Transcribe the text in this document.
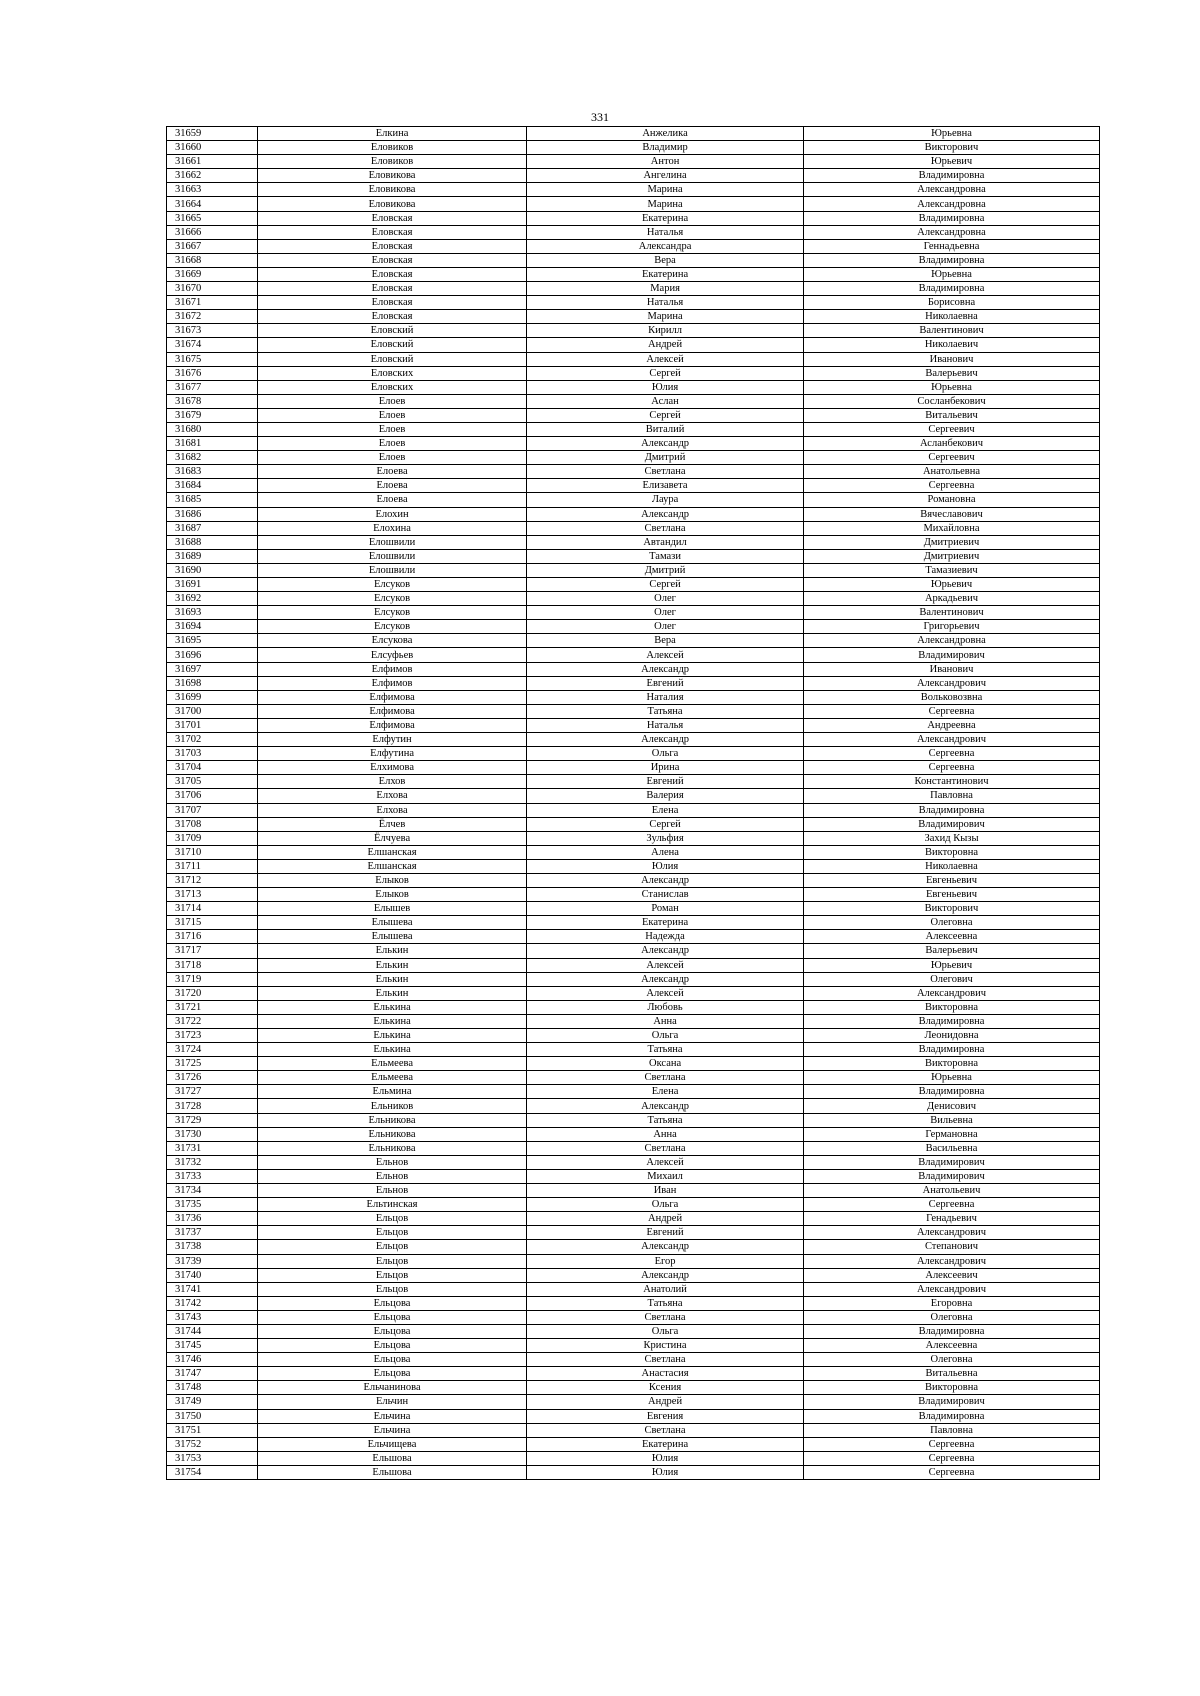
331
31659	Елкина	Анжелика	Юрьевна
31660	Еловиков	Владимир	Викторович
31661	Еловиков	Антон	Юрьевич
31662	Еловикова	Ангелина	Владимировна
31663	Еловикова	Марина	Александровна
31664	Еловикова	Марина	Александровна
31665	Еловская	Екатерина	Владимировна
31666	Еловская	Наталья	Александровна
31667	Еловская	Александра	Геннадьевна
31668	Еловская	Вера	Владимировна
31669	Еловская	Екатерина	Юрьевна
31670	Еловская	Мария	Владимировна
31671	Еловская	Наталья	Борисовна
31672	Еловская	Марина	Николаевна
31673	Еловский	Кирилл	Валентинович
31674	Еловский	Андрей	Николаевич
31675	Еловский	Алексей	Иванович
31676	Еловских	Сергей	Валерьевич
31677	Еловских	Юлия	Юрьевна
31678	Елоев	Аслан	Сосланбекович
31679	Елоев	Сергей	Витальевич
31680	Елоев	Виталий	Сергеевич
31681	Елоев	Александр	Асланбекович
31682	Елоев	Дмитрий	Сергеевич
31683	Елоева	Светлана	Анатольевна
31684	Елоева	Елизавета	Сергеевна
31685	Елоева	Лаура	Романовна
31686	Елохин	Александр	Вячеславович
31687	Елохина	Светлана	Михайловна
31688	Елошвили	Автандил	Дмитриевич
31689	Елошвили	Тамази	Дмитриевич
31690	Елошвили	Дмитрий	Тамазиевич
31691	Елсуков	Сергей	Юрьевич
31692	Елсуков	Олег	Аркадьевич
31693	Елсуков	Олег	Валентинович
31694	Елсуков	Олег	Григорьевич
31695	Елсукова	Вера	Александровна
31696	Елсуфьев	Алексей	Владимирович
31697	Елфимов	Александр	Иванович
31698	Елфимов	Евгений	Александрович
31699	Елфимова	Наталия	Вольковозвна
31700	Елфимова	Татьяна	Сергеевна
31701	Елфимова	Наталья	Андреевна
31702	Елфутин	Александр	Александрович
31703	Елфутина	Ольга	Сергеевна
31704	Елхимова	Ирина	Сергеевна
31705	Елхов	Евгений	Константинович
31706	Елхова	Валерия	Павловна
31707	Елхова	Елена	Владимировна
31708	Ёлчев	Сергей	Владимирович
31709	Ёлчуева	Зульфия	Захид Кызы
31710	Елшанская	Алена	Викторовна
31711	Елшанская	Юлия	Николаевна
31712	Елыков	Александр	Евгеньевич
31713	Елыков	Станислав	Евгеньевич
31714	Елышев	Роман	Викторович
31715	Елышева	Екатерина	Олеговна
31716	Елышева	Надежда	Алексеевна
31717	Елькин	Александр	Валерьевич
31718	Елькин	Алексей	Юрьевич
31719	Елькин	Александр	Олегович
31720	Елькин	Алексей	Александрович
31721	Елькина	Любовь	Викторовна
31722	Елькина	Анна	Владимировна
31723	Елькина	Ольга	Леонидовна
31724	Елькина	Татьяна	Владимировна
31725	Ельмеева	Оксана	Викторовна
31726	Ельмеева	Светлана	Юрьевна
31727	Ельмина	Елена	Владимировна
31728	Ельников	Александр	Денисович
31729	Ельникова	Татьяна	Вильевна
31730	Ельникова	Анна	Германовна
31731	Ельникова	Светлана	Васильевна
31732	Ельнов	Алексей	Владимирович
31733	Ельнов	Михаил	Владимирович
31734	Ельнов	Иван	Анатольевич
31735	Ельтинская	Ольга	Сергеевна
31736	Ельцов	Андрей	Генадьевич
31737	Ельцов	Евгений	Александрович
31738	Ельцов	Александр	Степанович
31739	Ельцов	Егор	Александрович
31740	Ельцов	Александр	Алексеевич
31741	Ельцов	Анатолий	Александрович
31742	Ельцова	Татьяна	Егоровна
31743	Ельцова	Светлана	Олеговна
31744	Ельцова	Ольга	Владимировна
31745	Ельцова	Кристина	Алексеевна
31746	Ельцова	Светлана	Олеговна
31747	Ельцова	Анастасия	Витальевна
31748	Ельчанинова	Ксения	Викторовна
31749	Ельчин	Андрей	Владимирович
31750	Ельчина	Евгения	Владимировна
31751	Ельчина	Светлана	Павловна
31752	Ельчищева	Екатерина	Сергеевна
31753	Ельшова	Юлия	Сергеевна
31754	Ельшова	Юлия	Сергеевна
